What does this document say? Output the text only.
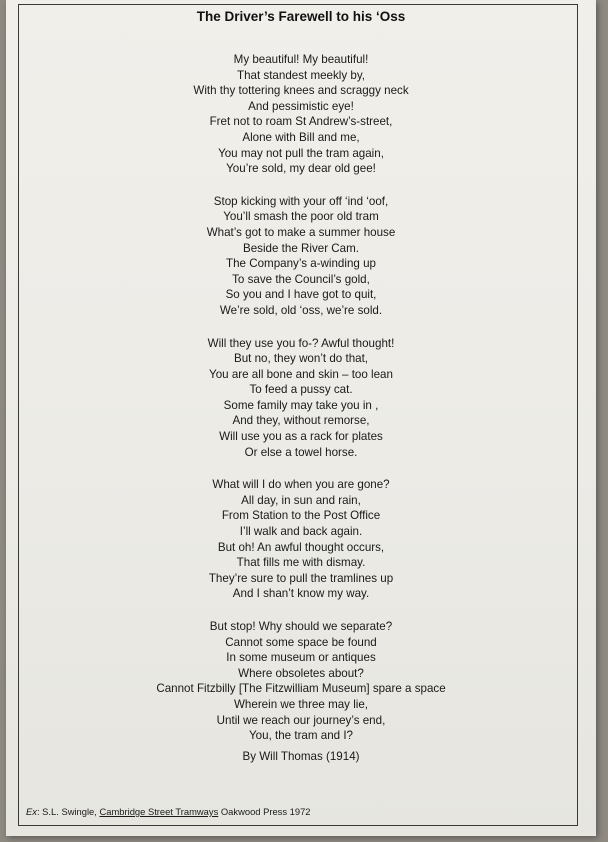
The Driver’s Farewell to his ‘Oss
My beautiful! My beautiful!
That standest meekly by,
With thy tottering knees and scraggy neck
And pessimistic eye!
Fret not to roam St Andrew’s-street,
Alone with Bill and me,
You may not pull the tram again,
You’re sold, my dear old gee!
Stop kicking with your off ‘ind ‘oof,
You’ll smash the poor old tram
What’s got to make a summer house
Beside the River Cam.
The Company’s a-winding up
To save the Council’s gold,
So you and I have got to quit,
We’re sold, old ‘oss, we’re sold.
Will they use you fo-? Awful thought!
But no, they won’t do that,
You are all bone and skin – too lean
To feed a pussy cat.
Some family may take you in ,
And they, without remorse,
Will use you as a rack for plates
Or else a towel horse.
What will I do when you are gone?
All day, in sun and rain,
From Station to the Post Office
I’ll walk and back again.
But oh! An awful thought occurs,
That fills me with dismay.
They’re sure to pull the tramlines up
And I shan’t know my way.
But stop! Why should we separate?
Cannot some space be found
In some museum or antiques
Where obsoletes about?
Cannot Fitzbilly [The Fitzwilliam Museum] spare a space
Wherein we three may lie,
Until we reach our journey’s end,
You, the tram and I?

By Will Thomas (1914)

Ex: S.L. Swingle, Cambridge Street Tramways Oakwood Press 1972
